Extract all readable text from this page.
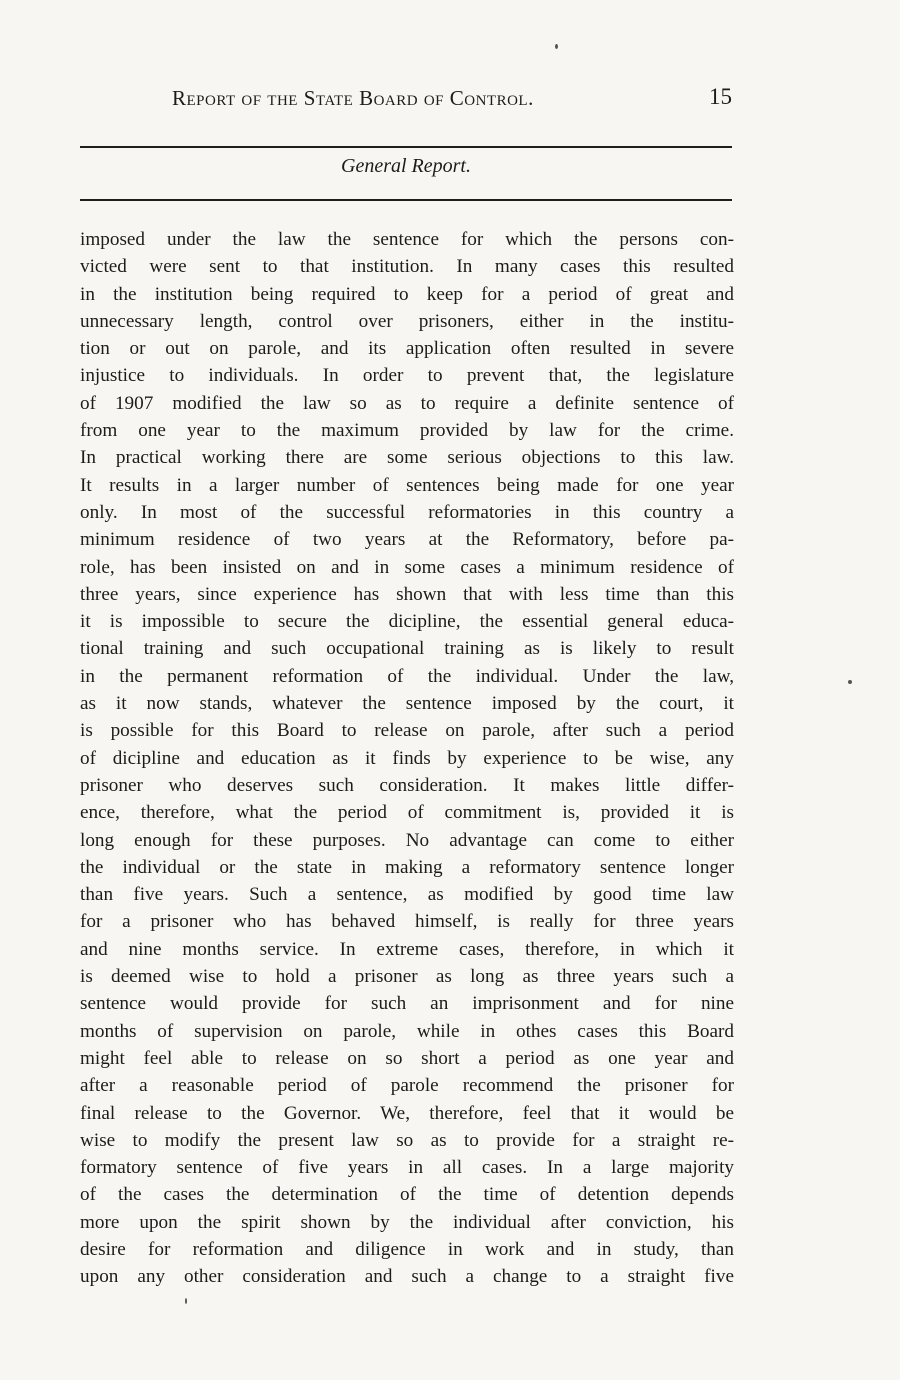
Report of the State Board of Control.	15
General Report.
imposed under the law the sentence for which the persons con-
victed were sent to that institution. In many cases this resulted
in the institution being required to keep for a period of great and
unnecessary length, control over prisoners, either in the institu-
tion or out on parole, and its application often resulted in severe
injustice to individuals. In order to prevent that, the legislature
of 1907 modified the law so as to require a definite sentence of
from one year to the maximum provided by law for the crime.
In practical working there are some serious objections to this law.
It results in a larger number of sentences being made for one year
only. In most of the successful reformatories in this country a
minimum residence of two years at the Reformatory, before pa-
role, has been insisted on and in some cases a minimum residence of
three years, since experience has shown that with less time than this
it is impossible to secure the dicipline, the essential general educa-
tional training and such occupational training as is likely to result
in the permanent reformation of the individual. Under the law,
as it now stands, whatever the sentence imposed by the court, it
is possible for this Board to release on parole, after such a period
of dicipline and education as it finds by experience to be wise, any
prisoner who deserves such consideration. It makes little differ-
ence, therefore, what the period of commitment is, provided it is
long enough for these purposes. No advantage can come to either
the individual or the state in making a reformatory sentence longer
than five years. Such a sentence, as modified by good time law
for a prisoner who has behaved himself, is really for three years
and nine months service. In extreme cases, therefore, in which it
is deemed wise to hold a prisoner as long as three years such a
sentence would provide for such an imprisonment and for nine
months of supervision on parole, while in othes cases this Board
might feel able to release on so short a period as one year and
after a reasonable period of parole recommend the prisoner for
final release to the Governor. We, therefore, feel that it would be
wise to modify the present law so as to provide for a straight re-
formatory sentence of five years in all cases. In a large majority
of the cases the determination of the time of detention depends
more upon the spirit shown by the individual after conviction, his
desire for reformation and diligence in work and in study, than
upon any other consideration and such a change to a straight five
